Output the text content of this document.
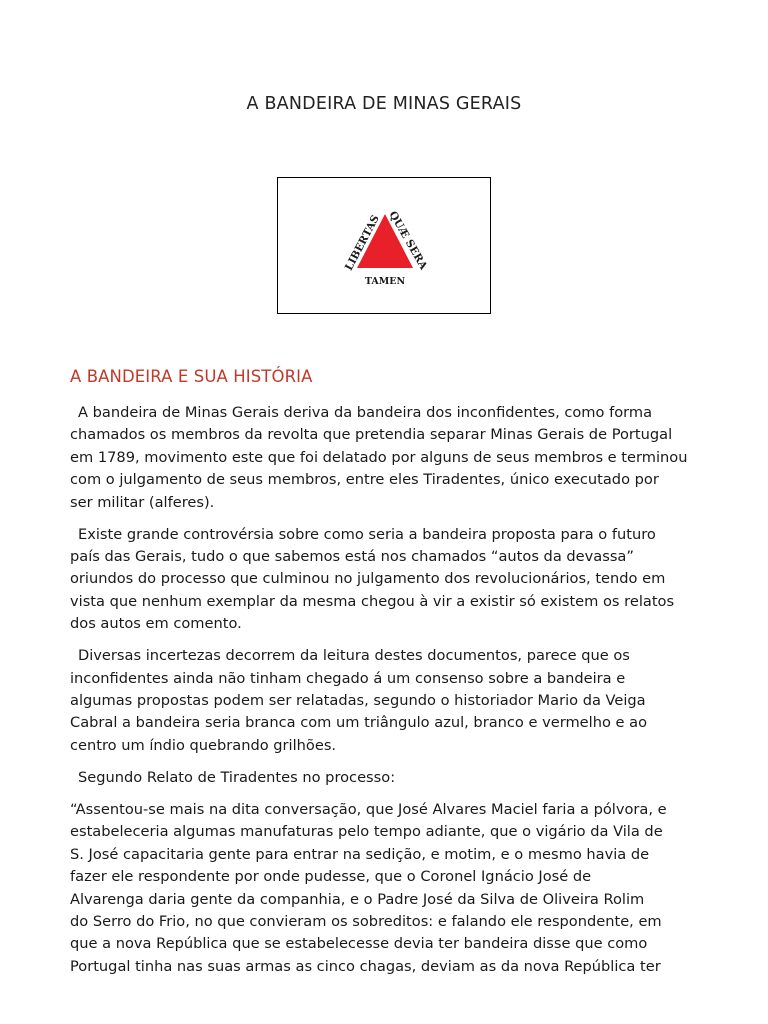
A BANDEIRA DE MINAS GERAIS
LIBERTAS QUÆ SERA
TAMEN
A BANDEIRA E SUA HISTÓRIA

A bandeira de Minas Gerais deriva da bandeira dos inconfidentes, como forma
chamados os membros da revolta que pretendia separar Minas Gerais de Portugal
em 1789, movimento este que foi delatado por alguns de seus membros e terminou
com o julgamento de seus membros, entre eles Tiradentes, único executado por
ser militar (alferes).

Existe grande controvérsia sobre como seria a bandeira proposta para o futuro
país das Gerais, tudo o que sabemos está nos chamados “autos da devassa”
oriundos do processo que culminou no julgamento dos revolucionários, tendo em
vista que nenhum exemplar da mesma chegou à vir a existir só existem os relatos
dos autos em comento.

Diversas incertezas decorrem da leitura destes documentos, parece que os
inconfidentes ainda não tinham chegado á um consenso sobre a bandeira e
algumas propostas podem ser relatadas, segundo o historiador Mario da Veiga
Cabral a bandeira seria branca com um triângulo azul, branco e vermelho e ao
centro um índio quebrando grilhões.

Segundo Relato de Tiradentes no processo:

“Assentou-se mais na dita conversação, que José Alvares Maciel faria a pólvora, e
estabeleceria algumas manufaturas pelo tempo adiante, que o vigário da Vila de
S. José capacitaria gente para entrar na sedição, e motim, e o mesmo havia de
fazer ele respondente por onde pudesse, que o Coronel Ignácio José de
Alvarenga daria gente da companhia, e o Padre José da Silva de Oliveira Rolim
do Serro do Frio, no que convieram os sobreditos: e falando ele respondente, em
que a nova República que se estabelecesse devia ter bandeira disse que como
Portugal tinha nas suas armas as cinco chagas, deviam as da nova República ter
